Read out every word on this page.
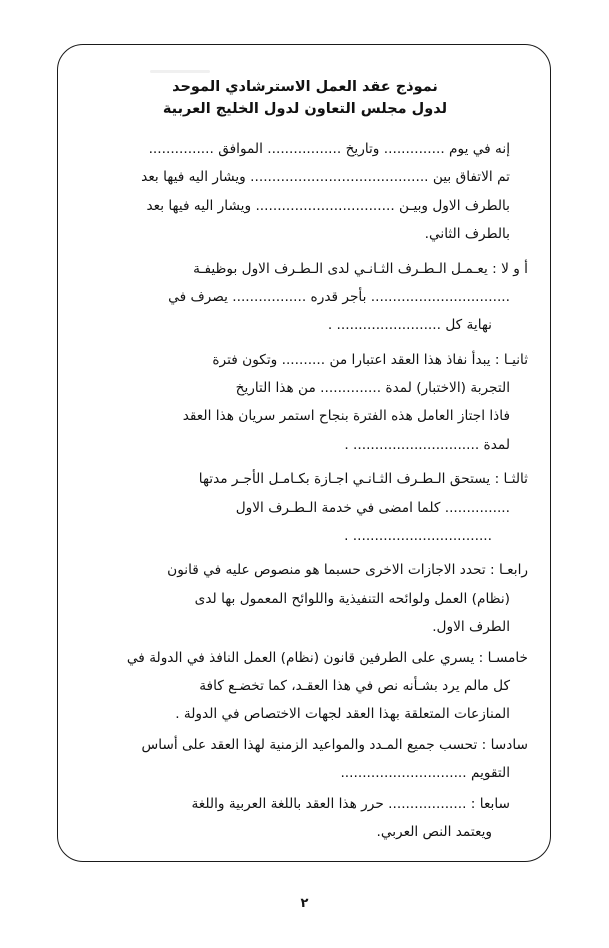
نموذج عقد العمل الاسترشادي الموحد
لدول مجلس التعاون لدول الخليج العربية
إنه في يوم .............. وتاريخ ................. الموافق ...............
تم الاتفاق بين ......................................... ويشار اليه فيها بعد
بالطرف الاول وبيـن ................................ ويشار اليه فيها بعد
بالطرف الثاني.
أ و لا : يعـمـل الـطـرف الثـانـي لدى الـطـرف الاول بوظيفـة
................................ بأجر قدره ................. يصرف في
نهاية كل ........................ .
ثانيـا : يبدأ نفاذ هذا العقد اعتبارا من .......... وتكون فترة
التجربة (الاختبار) لمدة .............. من هذا التاريخ
فاذا اجتاز العامل هذه الفترة بنجاح استمر سريان هذا العقد
لمدة ............................. .
ثالثـا : يستحق الـطـرف الثـانـي اجـازة بكـامـل الأجـر مدتها
............... كلما امضى في خدمة الـطـرف الاول
................................ .
رابعـا : تحدد الاجازات الاخرى حسبما هو منصوص عليه في قانون
(نظام) العمل ولوائحه التنفيذية واللوائح المعمول بها لدى
الطرف الاول.
خامسـا : يسري على الطرفين قانون (نظام) العمل النافذ في الدولة في
كل مالم يرد بشـأنه نص في هذا العقـد، كما تخضـع كافة
المنازعات المتعلقة بهذا العقد لجهات الاختصاص في الدولة .
سادسا : تحسب جميع المـدد والمواعيد الزمنية لهذا العقد على أساس
التقويم .............................
سابعا : .................. حرر هذا العقد باللغة العربية واللغة
ويعتمد النص العربي.
٢
